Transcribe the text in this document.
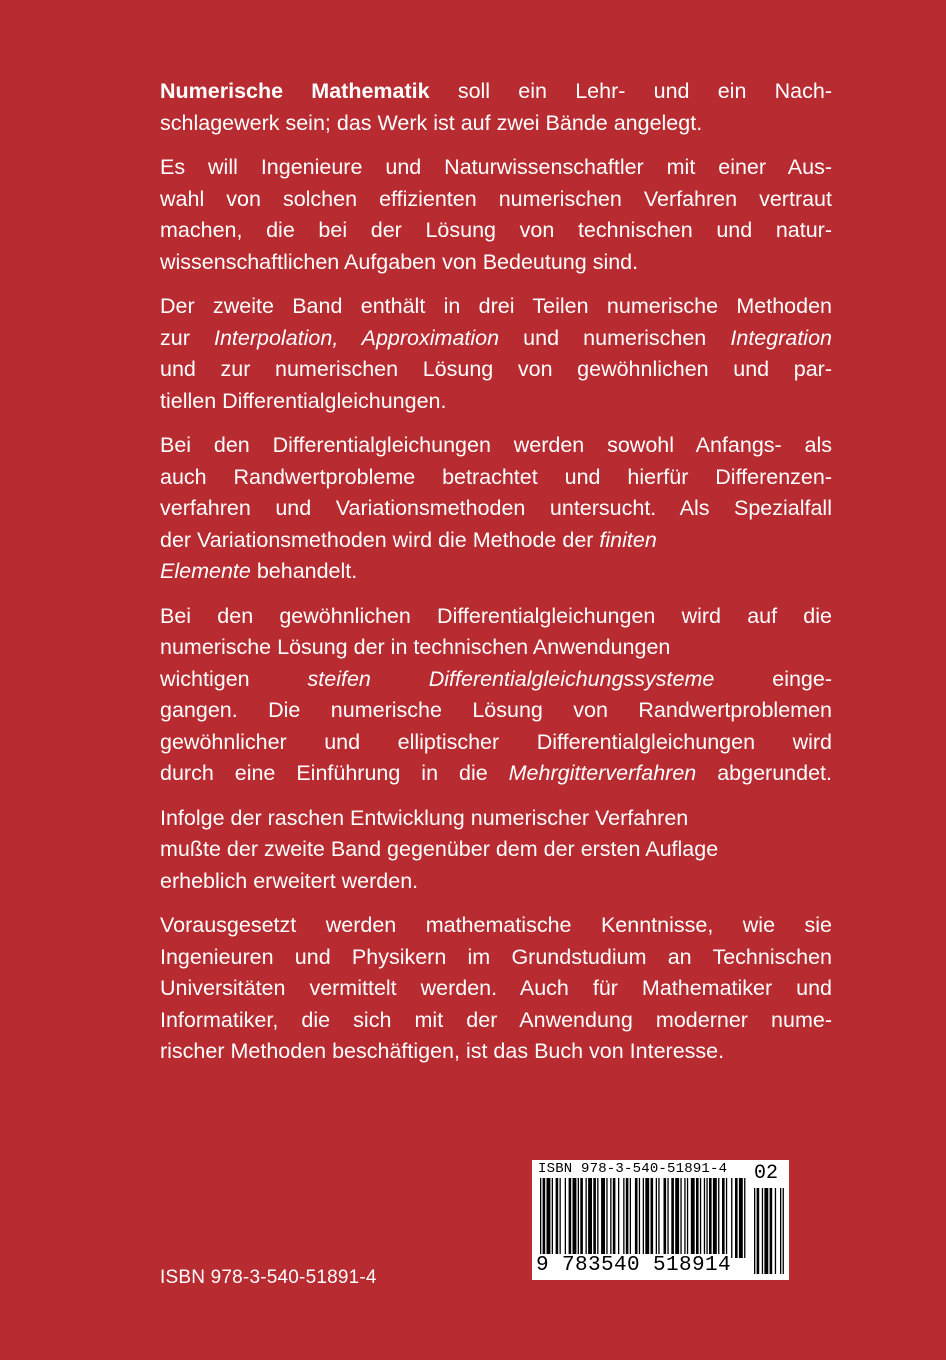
Numerische Mathematik soll ein Lehr- und ein Nach-
schlagewerk sein; das Werk ist auf zwei Bände angelegt.

Es will Ingenieure und Naturwissenschaftler mit einer Aus-
wahl von solchen effizienten numerischen Verfahren vertraut
machen, die bei der Lösung von technischen und natur-
wissenschaftlichen Aufgaben von Bedeutung sind.

Der zweite Band enthält in drei Teilen numerische Methoden
zur Interpolation, Approximation und numerischen Integration
und zur numerischen Lösung von gewöhnlichen und par-
tiellen Differentialgleichungen.

Bei den Differentialgleichungen werden sowohl Anfangs- als
auch Randwertprobleme betrachtet und hierfür Differenzen-
verfahren und Variationsmethoden untersucht. Als Spezialfall
der Variationsmethoden wird die Methode der finiten
Elemente behandelt.

Bei den gewöhnlichen Differentialgleichungen wird auf die
numerische Lösung der in technischen Anwendungen
wichtigen steifen Differentialgleichungssysteme einge-
gangen. Die numerische Lösung von Randwertproblemen
gewöhnlicher und elliptischer Differentialgleichungen wird
durch eine Einführung in die Mehrgitterverfahren abgerundet.

Infolge der raschen Entwicklung numerischer Verfahren
mußte der zweite Band gegenüber dem der ersten Auflage
erheblich erweitert werden.

Vorausgesetzt werden mathematische Kenntnisse, wie sie
Ingenieuren und Physikern im Grundstudium an Technischen
Universitäten vermittelt werden. Auch für Mathematiker und
Informatiker, die sich mit der Anwendung moderner nume-
rischer Methoden beschäftigen, ist das Buch von Interesse.

ISBN 978-3-540-51891-4
ISBN 978-3-540-51891-4 02
9 783540 518914
